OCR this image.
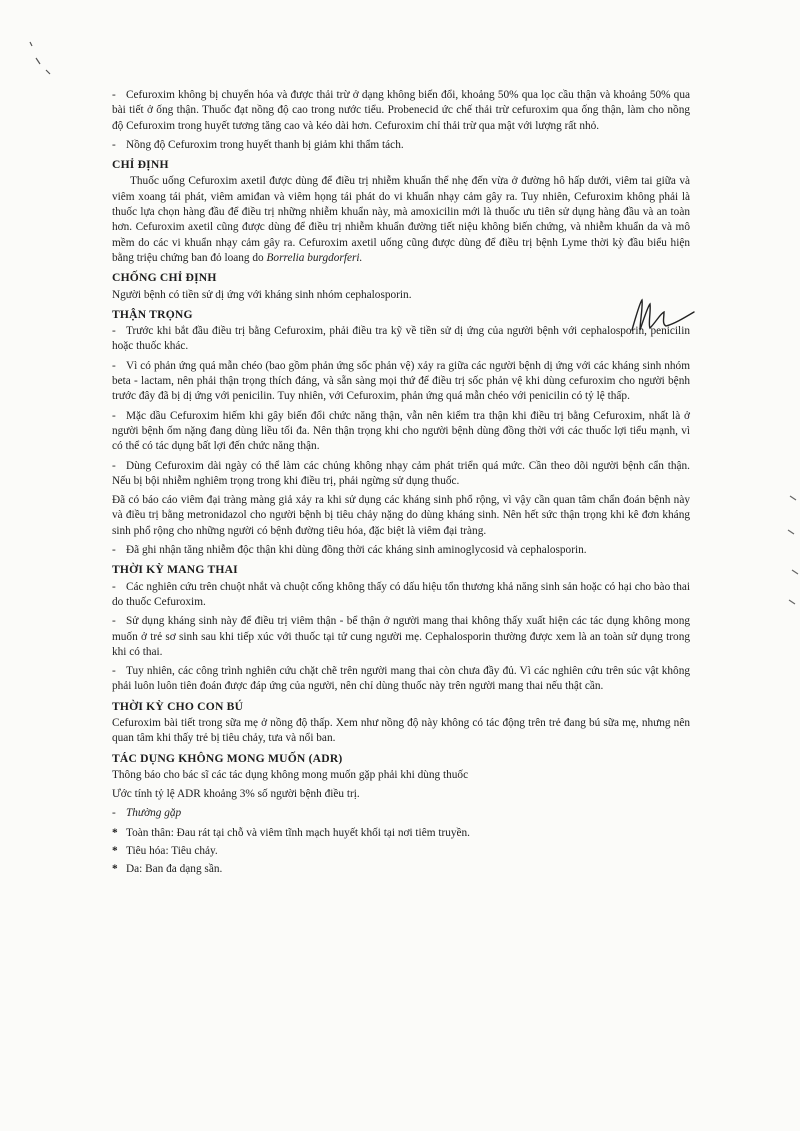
- Cefuroxim không bị chuyển hóa và được thải trừ ở dạng không biến đổi, khoảng 50% qua lọc cầu thận và khoảng 50% qua bài tiết ở ống thận. Thuốc đạt nồng độ cao trong nước tiểu. Probenecid ức chế thải trừ cefuroxim qua ống thận, làm cho nồng độ Cefuroxim trong huyết tương tăng cao và kéo dài hơn. Cefuroxim chỉ thải trừ qua mật với lượng rất nhỏ.

- Nồng độ Cefuroxim trong huyết thanh bị giảm khi thẩm tách.

CHỈ ĐỊNH

Thuốc uống Cefuroxim axetil được dùng để điều trị nhiễm khuẩn thể nhẹ đến vừa ở đường hô hấp dưới, viêm tai giữa và viêm xoang tái phát, viêm amiđan và viêm họng tái phát do vi khuẩn nhạy cảm gây ra. Tuy nhiên, Cefuroxim không phải là thuốc lựa chọn hàng đầu để điều trị những nhiễm khuẩn này, mà amoxicilin mới là thuốc ưu tiên sử dụng hàng đầu và an toàn hơn. Cefuroxim axetil cũng được dùng để điều trị nhiễm khuẩn đường tiết niệu không biến chứng, và nhiễm khuẩn da và mô mềm do các vi khuẩn nhạy cảm gây ra. Cefuroxim axetil uống cũng được dùng để điều trị bệnh Lyme thời kỳ đầu biểu hiện bằng triệu chứng ban đỏ loang do Borrelia burgdorferi.

CHỐNG CHỈ ĐỊNH

Người bệnh có tiền sử dị ứng với kháng sinh nhóm cephalosporin.

THẬN TRỌNG

- Trước khi bắt đầu điều trị bằng Cefuroxim, phải điều tra kỹ về tiền sử dị ứng của người bệnh với cephalosporin, penicilin hoặc thuốc khác.

- Vì có phản ứng quá mẫn chéo (bao gồm phản ứng sốc phản vệ) xảy ra giữa các người bệnh dị ứng với các kháng sinh nhóm beta - lactam, nên phải thận trọng thích đáng, và sẵn sàng mọi thứ để điều trị sốc phản vệ khi dùng cefuroxim cho người bệnh trước đây đã bị dị ứng với penicilin. Tuy nhiên, với Cefuroxim, phản ứng quá mẫn chéo với penicilin có tỷ lệ thấp.

- Mặc dầu Cefuroxim hiếm khi gây biến đổi chức năng thận, vẫn nên kiểm tra thận khi điều trị bằng Cefuroxim, nhất là ở người bệnh ốm nặng đang dùng liều tối đa. Nên thận trọng khi cho người bệnh dùng đồng thời với các thuốc lợi tiểu mạnh, vì có thể có tác dụng bất lợi đến chức năng thận.

- Dùng Cefuroxim dài ngày có thể làm các chủng không nhạy cảm phát triển quá mức. Cần theo dõi người bệnh cẩn thận. Nếu bị bội nhiễm nghiêm trọng trong khi điều trị, phải ngừng sử dụng thuốc.

Đã có báo cáo viêm đại tràng màng giả xảy ra khi sử dụng các kháng sinh phổ rộng, vì vậy cần quan tâm chẩn đoán bệnh này và điều trị bằng metronidazol cho người bệnh bị tiêu chảy nặng do dùng kháng sinh. Nên hết sức thận trọng khi kê đơn kháng sinh phổ rộng cho những người có bệnh đường tiêu hóa, đặc biệt là viêm đại tràng.

- Đã ghi nhận tăng nhiễm độc thận khi dùng đồng thời các kháng sinh aminoglycosid và cephalosporin.

THỜI KỲ MANG THAI

- Các nghiên cứu trên chuột nhắt và chuột cống không thấy có dấu hiệu tổn thương khả năng sinh sản hoặc có hại cho bào thai do thuốc Cefuroxim.

- Sử dụng kháng sinh này để điều trị viêm thận - bể thận ở người mang thai không thấy xuất hiện các tác dụng không mong muốn ở trẻ sơ sinh sau khi tiếp xúc với thuốc tại tử cung người mẹ. Cephalosporin thường được xem là an toàn sử dụng trong khi có thai.

- Tuy nhiên, các công trình nghiên cứu chặt chẽ trên người mang thai còn chưa đầy đủ. Vì các nghiên cứu trên súc vật không phải luôn luôn tiên đoán được đáp ứng của người, nên chỉ dùng thuốc này trên người mang thai nếu thật cần.

THỜI KỲ CHO CON BÚ

Cefuroxim bài tiết trong sữa mẹ ở nồng độ thấp. Xem như nồng độ này không có tác động trên trẻ đang bú sữa mẹ, nhưng nên quan tâm khi thấy trẻ bị tiêu chảy, tưa và nổi ban.

TÁC DỤNG KHÔNG MONG MUỐN (ADR)

Thông báo cho bác sĩ các tác dụng không mong muốn gặp phải khi dùng thuốc

Ước tính tỷ lệ ADR khoảng 3% số người bệnh điều trị.

- Thường gặp

* Toàn thân: Đau rát tại chỗ và viêm tĩnh mạch huyết khối tại nơi tiêm truyền.

* Tiêu hóa: Tiêu chảy.

* Da: Ban đa dạng sần.
